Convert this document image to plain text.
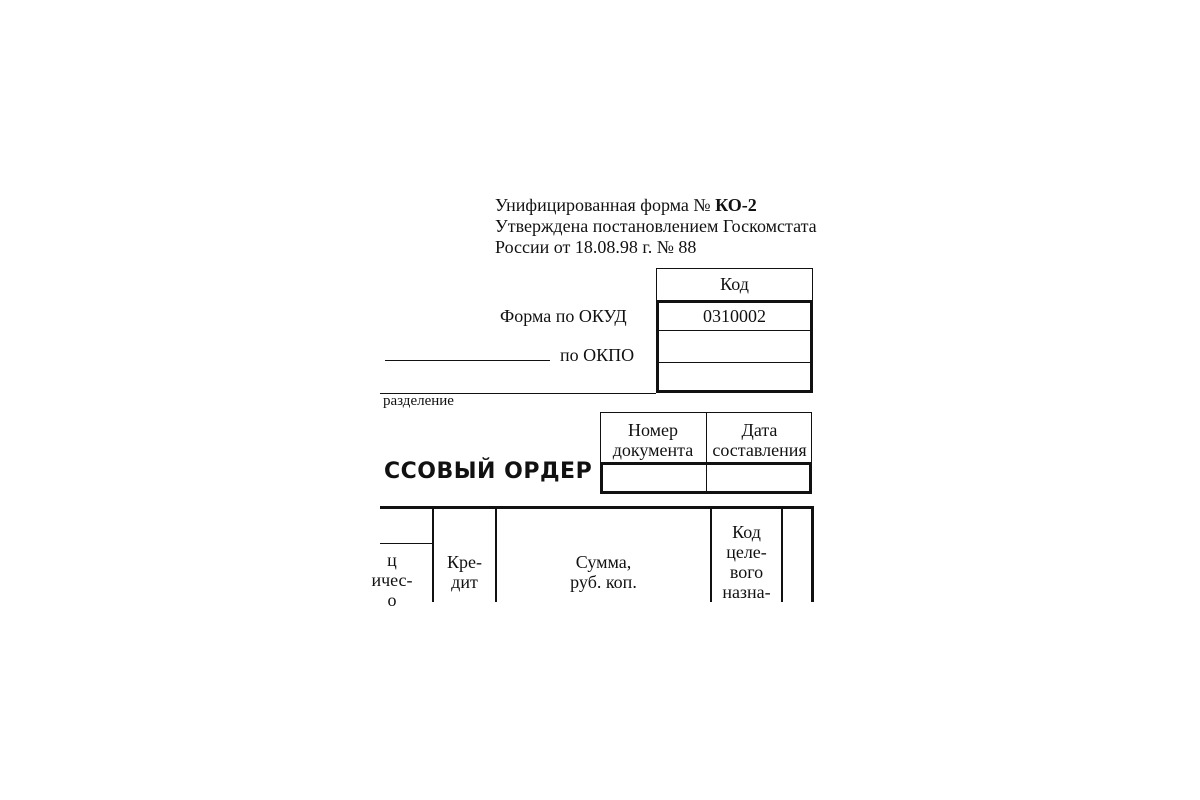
Унифицированная форма № КО-2
Утверждена постановлением Госкомстата
России от 18.08.98 г. № 88
Код
0310002
Форма по ОКУД
по ОКПО
разделение
Номер документа
Дата составления
ССОВЫЙ ОРДЕР
ц
ичес-
о
Кре-
дит
Сумма,
руб. коп.
Код
целе-
вого
назна-
